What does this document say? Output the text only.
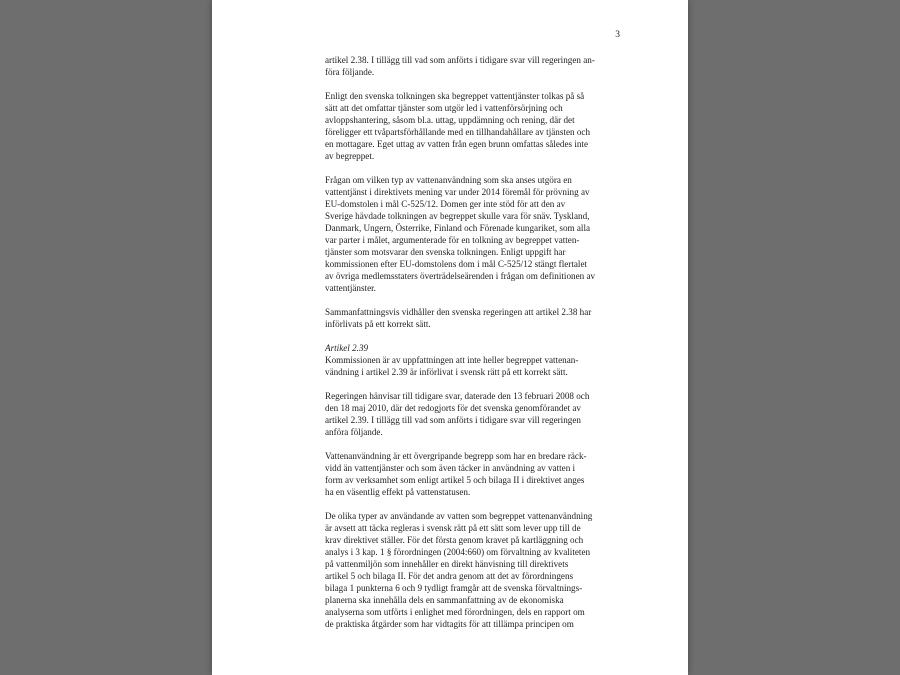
3
artikel 2.38. I tillägg till vad som anförts i tidigare svar vill regeringen an-
föra följande.
Enligt den svenska tolkningen ska begreppet vattentjänster tolkas på så
sätt att det omfattar tjänster som utgör led i vattenförsörjning och
avloppshantering, såsom bl.a. uttag, uppdämning och rening, där det
föreligger ett tvåpartsförhållande med en tillhandahållare av tjänsten och
en mottagare. Eget uttag av vatten från egen brunn omfattas således inte
av begreppet.
Frågan om vilken typ av vattenanvändning som ska anses utgöra en
vattentjänst i direktivets mening var under 2014 föremål för prövning av
EU-domstolen i mål C-525/12. Domen ger inte stöd för att den av
Sverige hävdade tolkningen av begreppet skulle vara för snäv. Tyskland,
Danmark, Ungern, Österrike, Finland och Förenade kungariket, som alla
var parter i målet, argumenterade för en tolkning av begreppet vatten-
tjänster som motsvarar den svenska tolkningen. Enligt uppgift har
kommissionen efter EU-domstolens dom i mål C-525/12 stängt flertalet
av övriga medlemsstaters överträdelseärenden i frågan om definitionen av
vattentjänster.
Sammanfattningsvis vidhåller den svenska regeringen att artikel 2.38 har
införlivats på ett korrekt sätt.
Artikel 2.39
Kommissionen är av uppfattningen att inte heller begreppet vattenan-
vändning i artikel 2.39 är införlivat i svensk rätt på ett korrekt sätt.
Regeringen hänvisar till tidigare svar, daterade den 13 februari 2008 och
den 18 maj 2010, där det redogjorts för det svenska genomförandet av
artikel 2.39. I tillägg till vad som anförts i tidigare svar vill regeringen
anföra följande.
Vattenanvändning är ett övergripande begrepp som har en bredare räck-
vidd än vattentjänster och som även täcker in användning av vatten i
form av verksamhet som enligt artikel 5 och bilaga II i direktivet anges
ha en väsentlig effekt på vattenstatusen.
De olika typer av användande av vatten som begreppet vattenanvändning
är avsett att täcka regleras i svensk rätt på ett sätt som lever upp till de
krav direktivet ställer. För det första genom kravet på kartläggning och
analys i 3 kap. 1 § förordningen (2004:660) om förvaltning av kvaliteten
på vattenmiljön som innehåller en direkt hänvisning till direktivets
artikel 5 och bilaga II. För det andra genom att det av förordningens
bilaga 1 punkterna 6 och 9 tydligt framgår att de svenska förvaltnings-
planerna ska innehålla dels en sammanfattning av de ekonomiska
analyserna som utförts i enlighet med förordningen, dels en rapport om
de praktiska åtgärder som har vidtagits för att tillämpa principen om
